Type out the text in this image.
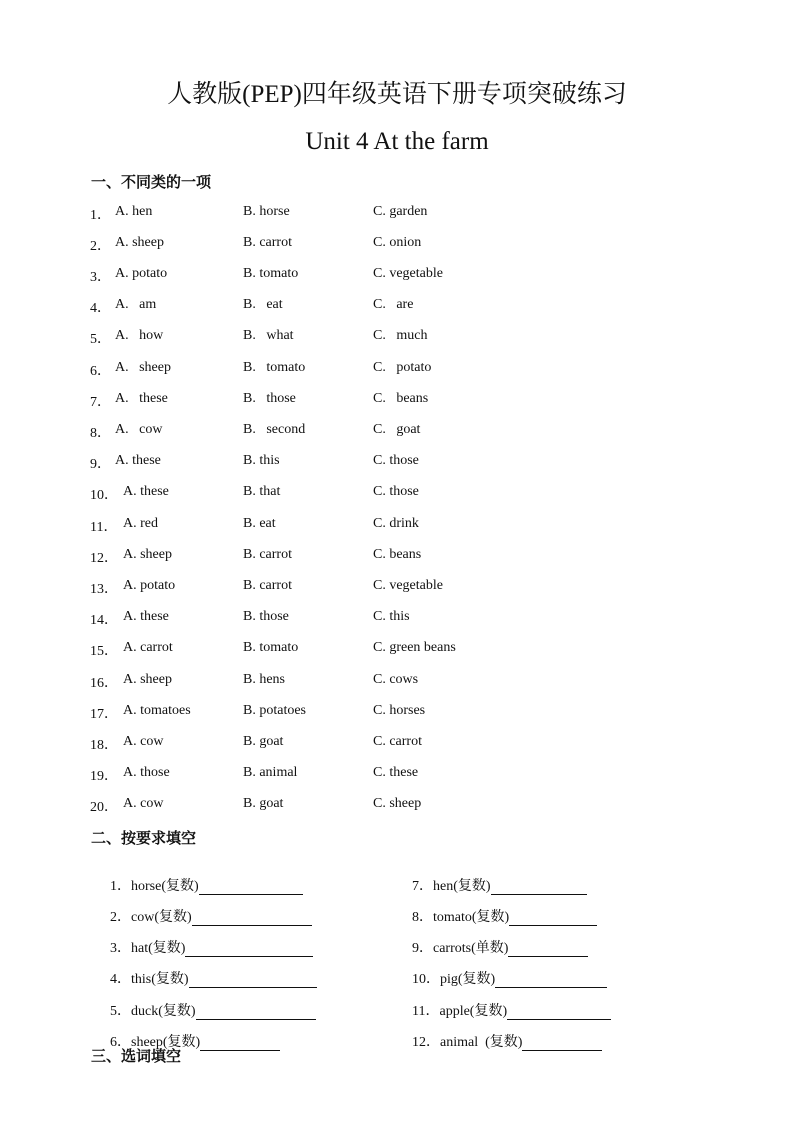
人教版(PEP)四年级英语下册专项突破练习
Unit 4 At the farm
一、不同类的一项
1． A. hen	B. horse	C. garden
2． A. sheep	B. carrot	C. onion
3． A. potato	B. tomato	C. vegetable
4． A.   am	B.   eat	C.   are
5． A.   how	B.   what	C.   much
6． A.   sheep	B.   tomato	C.   potato
7． A.   these	B.   those	C.   beans
8． A.   cow	B.   second	C.   goat
9． A. these	B. this	C. those
10． A. these	B. that	C. those
11． A. red	B. eat	C. drink
12． A. sheep	B. carrot	C. beans
13． A. potato	B. carrot	C. vegetable
14． A. these	B. those	C. this
15． A. carrot	B. tomato	C. green beans
16． A. sheep	B. hens	C. cows
17． A. tomatoes	B. potatoes	C. horses
18． A. cow	B. goat	C. carrot
19． A. those	B. animal	C. these
20． A. cow	B. goat	C. sheep
二、按要求填空

1．horse(复数)

2．cow(复数)

3．hat(复数)

4．this(复数)

5．duck(复数)

6．sheep(复数)

7．hen(复数)

8．tomato(复数)

9．carrots(单数)

10．pig(复数)

11．apple(复数)

12．animal  (复数)

三、选词填空
